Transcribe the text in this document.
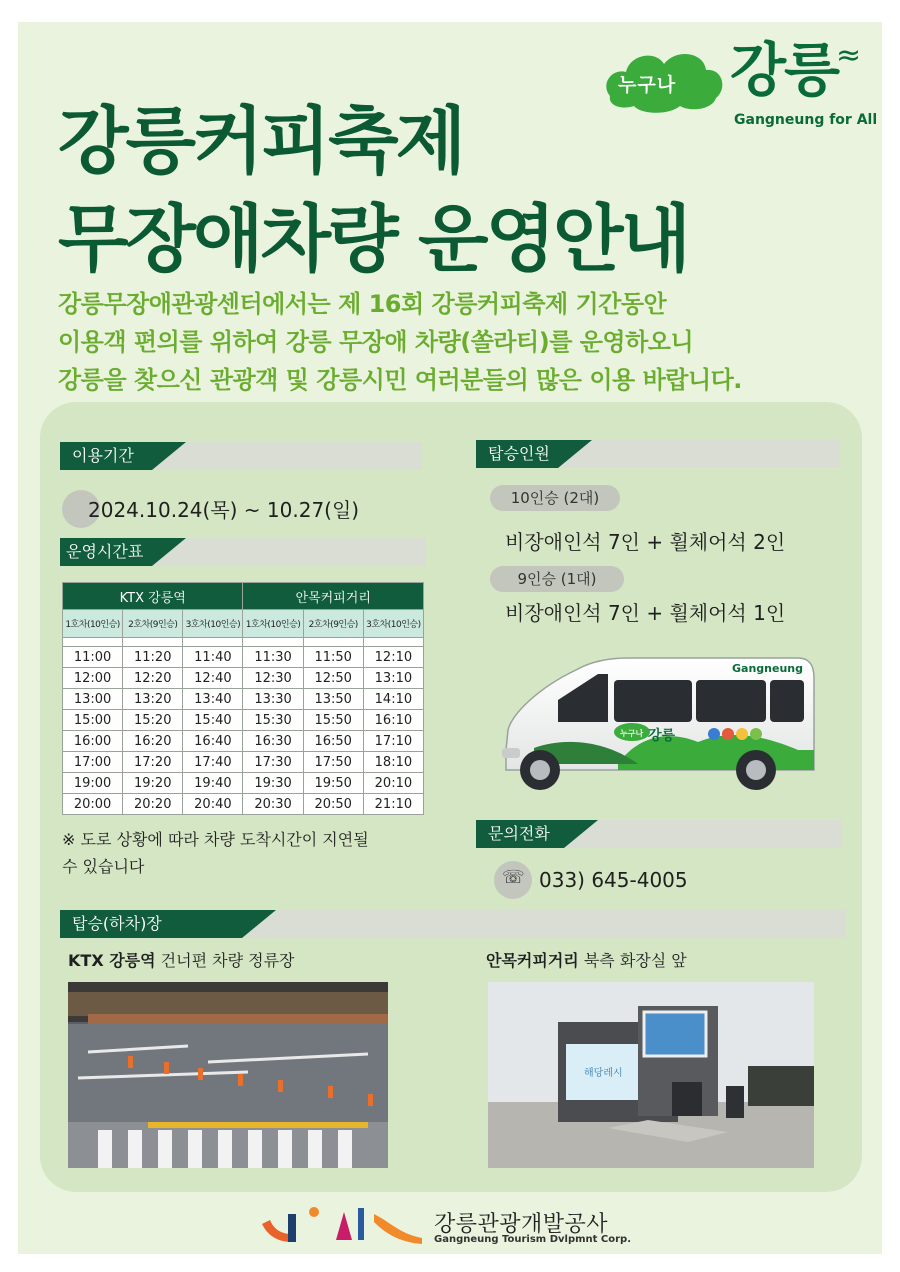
누구나 강릉
≈
Gangneung for All
강릉커피축제
무장애차량 운영안내
강릉무장애관광센터에서는 제 16회 강릉커피축제 기간동안
이용객 편의를 위하여 강릉 무장애 차량(쏠라티)를 운영하오니
강릉을 찾으신 관광객 및 강릉시민 여러분들의 많은 이용 바랍니다.
이용기간
2024.10.24(목) ~ 10.27(일)
운영시간표
KTX 강릉역			안목커피거리		
1호차(10인승)	2호차(9인승)	3호차(10인승)	1호차(10인승)	2호차(9인승)	3호차(10인승)

11:00	11:20	11:40	11:30	11:50	12:10
12:00	12:20	12:40	12:30	12:50	13:10
13:00	13:20	13:40	13:30	13:50	14:10
15:00	15:20	15:40	15:30	15:50	16:10
16:00	16:20	16:40	16:30	16:50	17:10
17:00	17:20	17:40	17:30	17:50	18:10
19:00	19:20	19:40	19:30	19:50	20:10
20:00	20:20	20:40	20:30	20:50	21:10
※ 도로 상황에 따라 차량 도착시간이 지연될
수 있습니다
탑승인원
10인승 (2대)
비장애인석 7인 + 휠체어석 2인
9인승 (1대)
비장애인석 7인 + 휠체어석 1인
Gangneung
누구나 강릉
문의전화
☏ 033) 645-4005
탑승(하차)장
KTX 강릉역 건너편 차량 정류장	안목커피거리 북측 화장실 앞
해당레시
강릉관광개발공사
Gangneung Tourism Dvlpmnt Corp.
